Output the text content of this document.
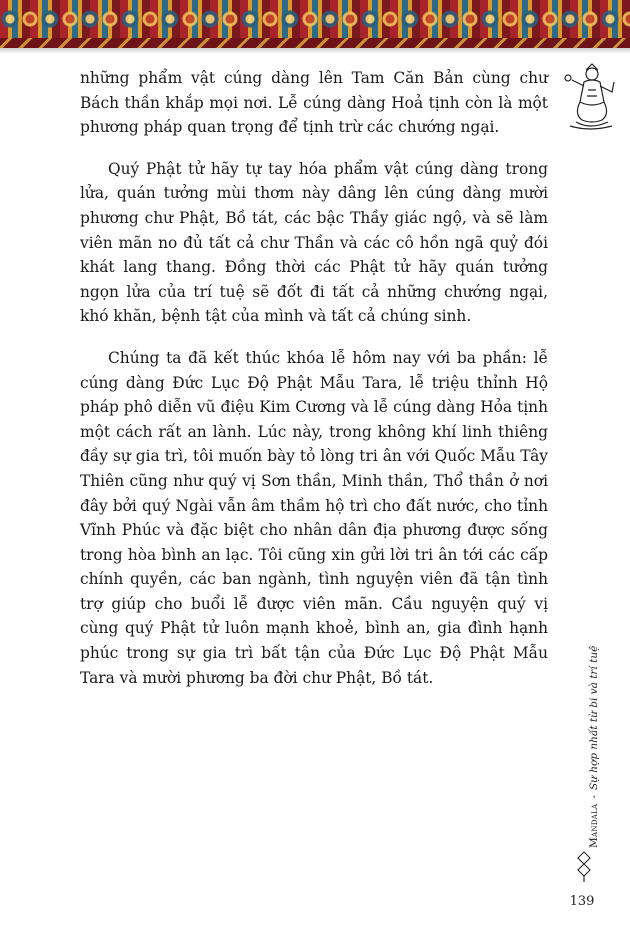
những phẩm vật cúng dàng lên Tam Căn Bản cùng chư Bách thần khắp mọi nơi. Lễ cúng dàng Hoả tịnh còn là một phương pháp quan trọng để tịnh trừ các chướng ngại.

Quý Phật tử hãy tự tay hóa phẩm vật cúng dàng trong lửa, quán tưởng mùi thơm này dâng lên cúng dàng mười phương chư Phật, Bồ tát, các bậc Thầy giác ngộ, và sẽ làm viên mãn no đủ tất cả chư Thần và các cô hồn ngã quỷ đói khát lang thang. Đồng thời các Phật tử hãy quán tưởng ngọn lửa của trí tuệ sẽ đốt đi tất cả những chướng ngại, khó khăn, bệnh tật của mình và tất cả chúng sinh.

Chúng ta đã kết thúc khóa lễ hôm nay với ba phần: lễ cúng dàng Đức Lục Độ Phật Mẫu Tara, lễ triệu thỉnh Hộ pháp phô diễn vũ điệu Kim Cương và lễ cúng dàng Hỏa tịnh một cách rất an lành. Lúc này, trong không khí linh thiêng đầy sự gia trì, tôi muốn bày tỏ lòng tri ân với Quốc Mẫu Tây Thiên cũng như quý vị Sơn thần, Minh thần, Thổ thần ở nơi đây bởi quý Ngài vẫn âm thầm hộ trì cho đất nước, cho tỉnh Vĩnh Phúc và đặc biệt cho nhân dân địa phương được sống trong hòa bình an lạc. Tôi cũng xin gửi lời tri ân tới các cấp chính quyền, các ban ngành, tình nguyện viên đã tận tình trợ giúp cho buổi lễ được viên mãn. Cầu nguyện quý vị cùng quý Phật tử luôn mạnh khoẻ, bình an, gia đình hạnh phúc trong sự gia trì bất tận của Đức Lục Độ Phật Mẫu Tara và mười phương ba đời chư Phật, Bồ tát.

Mandala-Sự hợp nhất từ bi và trí tuệ
139
